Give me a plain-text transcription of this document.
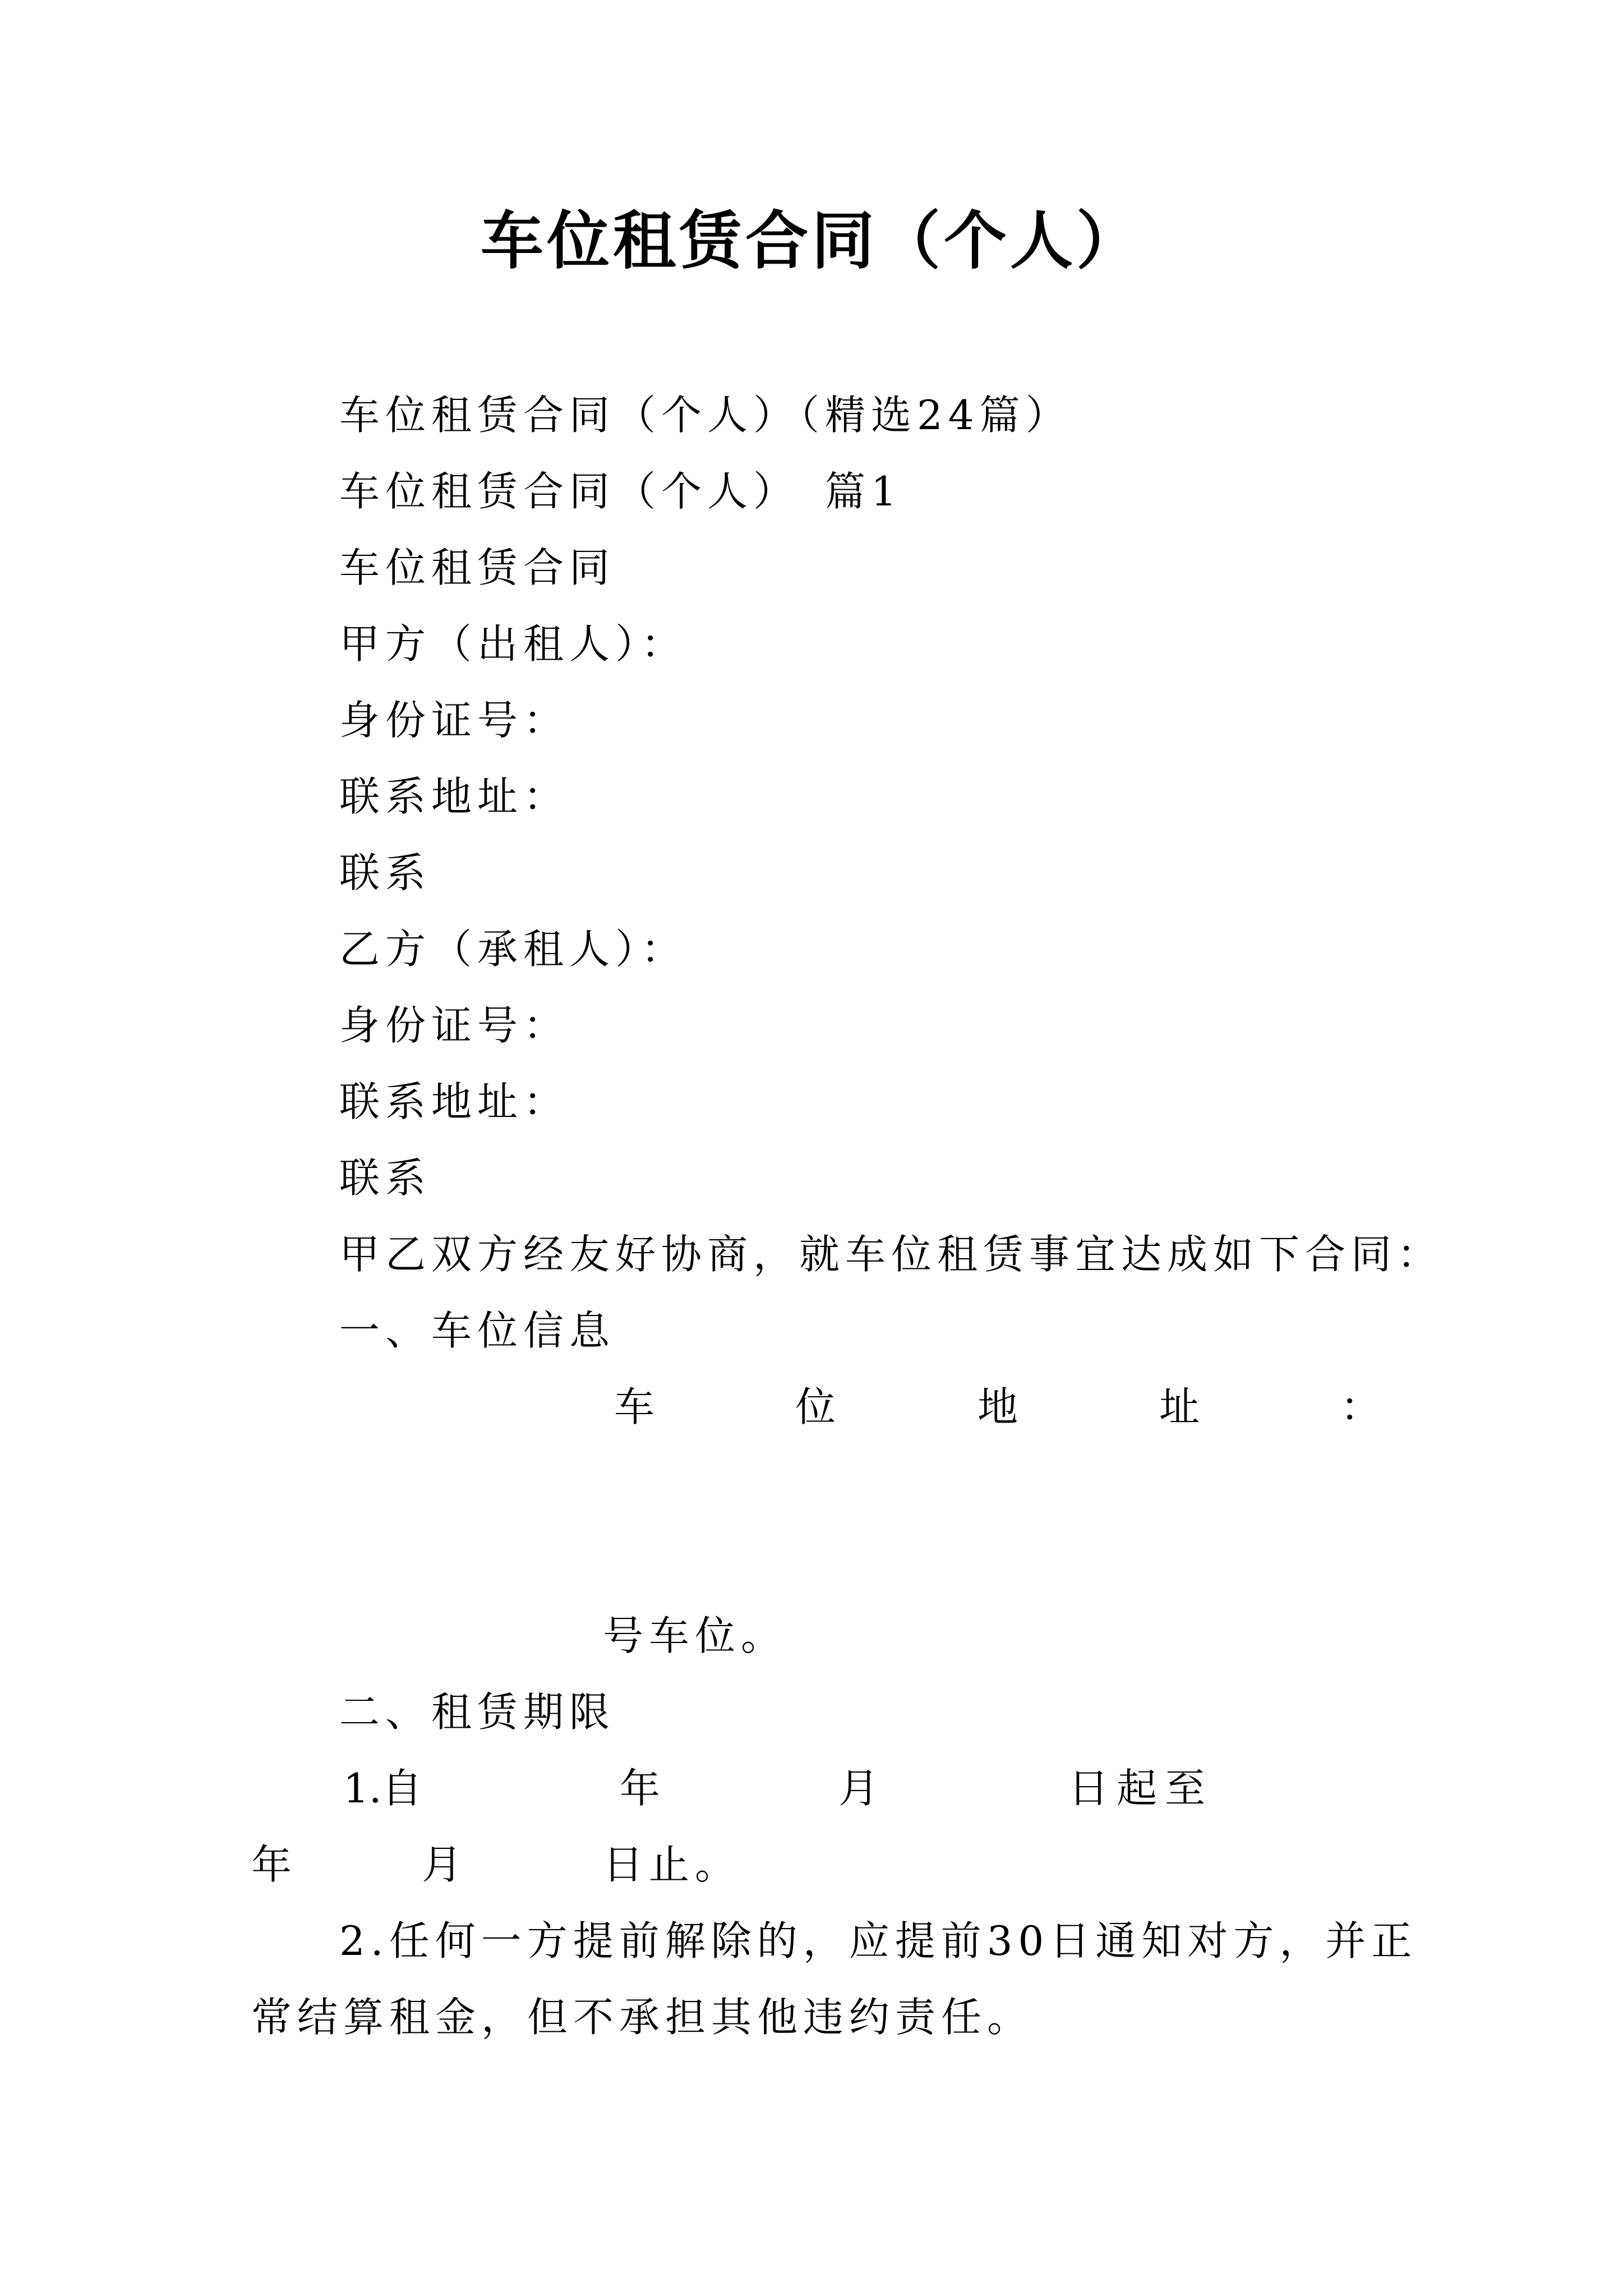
车位租赁合同（个人）
车位租赁合同（个人）（精选24篇）
车位租赁合同（个人）　篇1
车位租赁合同
甲方（出租人）：
身份证号：
联系地址：
联系
乙方（承租人）：
身份证号：
联系地址：
联系
甲乙双方经友好协商，就车位租赁事宜达成如下合同：
一、车位信息
车	位	地	址	：
号车位。
二、租赁期限
1.自	年	月	日起至
年	月	日止。
2.任何一方提前解除的，应提前30日通知对方，并正
常结算租金，但不承担其他违约责任。
